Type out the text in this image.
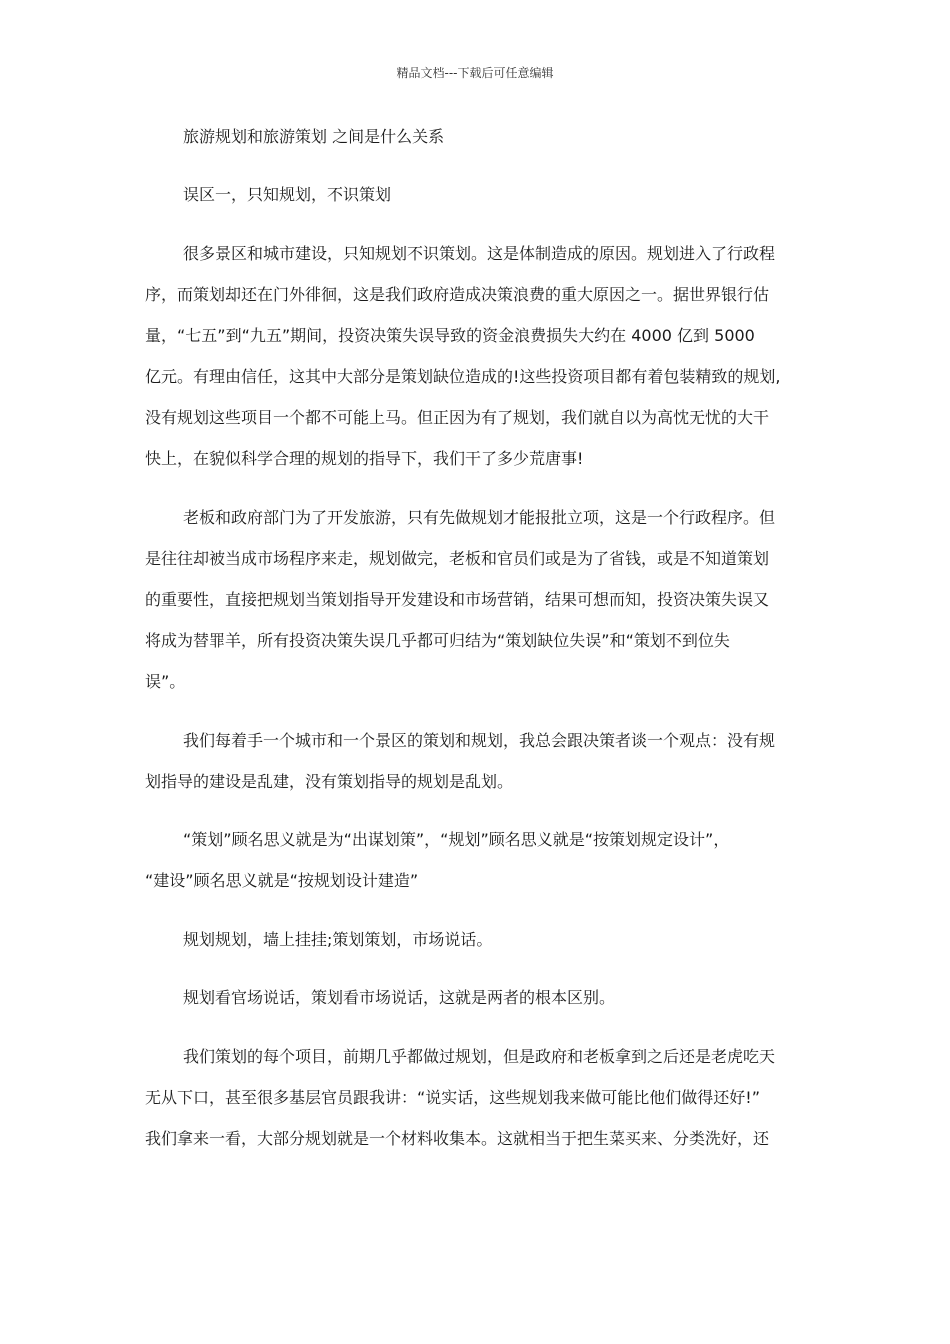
精品文档---下载后可任意编辑
旅游规划和旅游策划 之间是什么关系
误区一，只知规划，不识策划
很多景区和城市建设，只知规划不识策划。这是体制造成的原因。规划进入了行政程
序，而策划却还在门外徘徊，这是我们政府造成决策浪费的重大原因之一。据世界银行估
量，“七五”到“九五”期间，投资决策失误导致的资金浪费损失大约在 4000 亿到 5000
亿元。有理由信任，这其中大部分是策划缺位造成的!这些投资项目都有着包装精致的规划,
没有规划这些项目一个都不可能上马。但正因为有了规划，我们就自以为高忱无忧的大干
快上，在貌似科学合理的规划的指导下，我们干了多少荒唐事!
老板和政府部门为了开发旅游，只有先做规划才能报批立项，这是一个行政程序。但
是往往却被当成市场程序来走，规划做完，老板和官员们或是为了省钱，或是不知道策划
的重要性，直接把规划当策划指导开发建设和市场营销，结果可想而知，投资决策失误又
将成为替罪羊，所有投资决策失误几乎都可归结为“策划缺位失误”和“策划不到位失
误”。
我们每着手一个城市和一个景区的策划和规划，我总会跟决策者谈一个观点：没有规
划指导的建设是乱建，没有策划指导的规划是乱划。
“策划”顾名思义就是为“出谋划策”，“规划”顾名思义就是“按策划规定设计”，
“建设”顾名思义就是“按规划设计建造”
规划规划，墙上挂挂;策划策划，市场说话。
规划看官场说话，策划看市场说话，这就是两者的根本区别。
我们策划的每个项目，前期几乎都做过规划，但是政府和老板拿到之后还是老虎吃天
无从下口，甚至很多基层官员跟我讲：“说实话，这些规划我来做可能比他们做得还好!”
我们拿来一看，大部分规划就是一个材料收集本。这就相当于把生菜买来、分类洗好，还
